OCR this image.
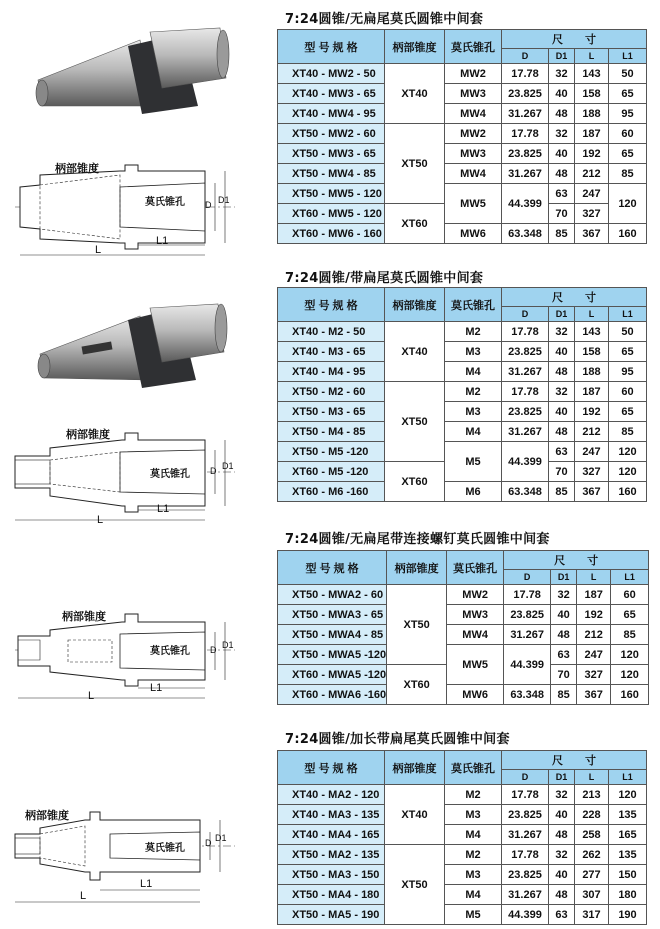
7:24圆锥/无扁尾莫氏圆锥中间套
柄部锥度
莫氏锥孔
L
L1
D D1
型 号 规 格	柄部锥度	莫氏锥孔	尺　　寸			
			D	D1	L	L1
XT40 - MW2 - 50	XT40	MW2	17.78	32	143	50
XT40 - MW3 - 65		MW3	23.825	40	158	65
XT40 - MW4 - 95		MW4	31.267	48	188	95
XT50 - MW2 - 60	XT50	MW2	17.78	32	187	60
XT50 - MW3 - 65		MW3	23.825	40	192	65
XT50 - MW4 - 85		MW4	31.267	48	212	85
XT50 - MW5 - 120		MW5	44.399	63	247	120
XT60 - MW5 - 120	XT60			70	327	
XT60 - MW6 - 160		MW6	63.348	85	367	160
7:24圆锥/带扁尾莫氏圆锥中间套
柄部锥度
莫氏锥孔
L
L1
D D1
型 号 规 格	柄部锥度	莫氏锥孔	尺　　寸			
			D	D1	L	L1
XT40 - M2 - 50	XT40	M2	17.78	32	143	50
XT40 - M3 - 65		M3	23.825	40	158	65
XT40 - M4 - 95		M4	31.267	48	188	95
XT50 - M2 - 60	XT50	M2	17.78	32	187	60
XT50 - M3 - 65		M3	23.825	40	192	65
XT50 - M4 - 85		M4	31.267	48	212	85
XT50 - M5 -120		M5	44.399	63	247	120
XT60 - M5 -120	XT60			70	327	120
XT60 - M6 -160		M6	63.348	85	367	160
7:24圆锥/无扁尾带连接螺钉莫氏圆锥中间套
柄部锥度
莫氏锥孔
L
L1
D D1
型 号 规 格	柄部锥度	莫氏锥孔	尺　　寸			
			D	D1	L	L1
XT50 - MWA2 - 60	XT50	MW2	17.78	32	187	60
XT50 - MWA3 - 65		MW3	23.825	40	192	65
XT50 - MWA4 - 85		MW4	31.267	48	212	85
XT50 - MWA5 -120		MW5	44.399	63	247	120
XT60 - MWA5 -120	XT60			70	327	120
XT60 - MWA6 -160		MW6	63.348	85	367	160
7:24圆锥/加长带扁尾莫氏圆锥中间套
柄部锥度
莫氏锥孔
L
L1
D D1
型 号 规 格	柄部锥度	莫氏锥孔	尺　　寸			
			D	D1	L	L1
XT40 - MA2 - 120	XT40	M2	17.78	32	213	120
XT40 - MA3 - 135		M3	23.825	40	228	135
XT40 - MA4 - 165		M4	31.267	48	258	165
XT50 - MA2 - 135	XT50	M2	17.78	32	262	135
XT50 - MA3 - 150		M3	23.825	40	277	150
XT50 - MA4 - 180		M4	31.267	48	307	180
XT50 - MA5 - 190		M5	44.399	63	317	190
